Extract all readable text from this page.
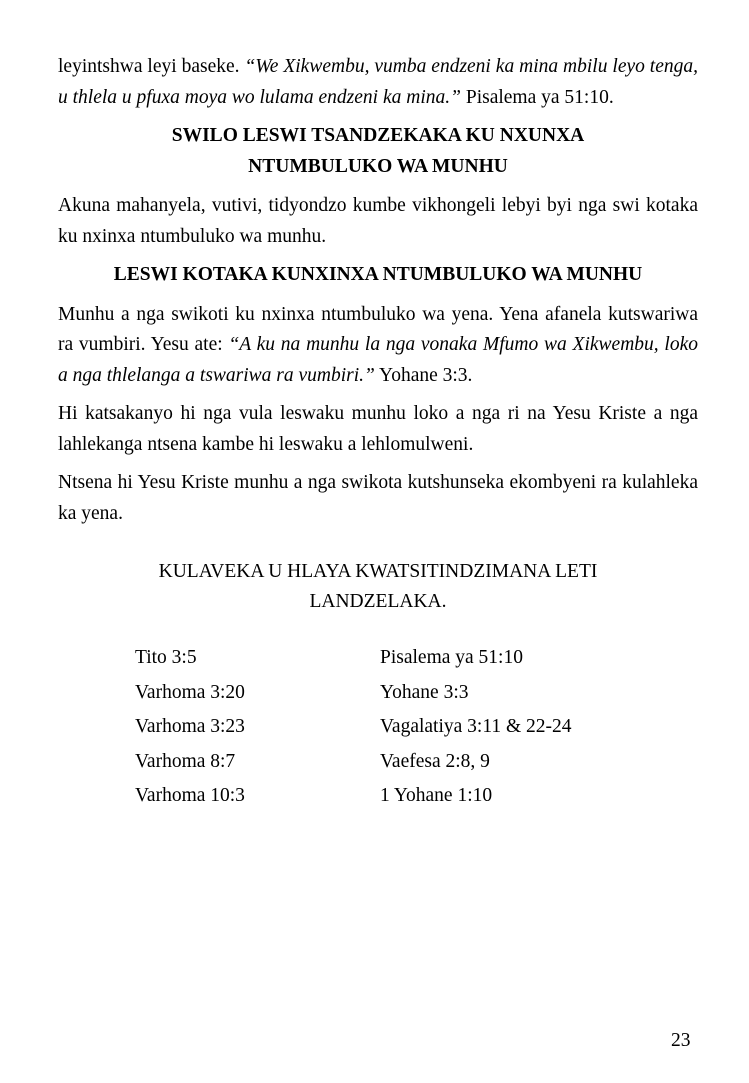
leyintshwa leyi baseke. “We Xikwembu, vumba endzeni ka mina mbilu leyo tenga, u thlela u pfuxa moya wo lulama endzeni ka mina.” Pisalema ya 51:10.

SWILO LESWI TSANDZEKAKA KU NXUNXA
NTUMBULUKO WA MUNHU

Akuna mahanyela, vutivi, tidyondzo kumbe vikhongeli lebyi byi nga swi kotaka ku nxinxa ntumbuluko wa munhu.

LESWI KOTAKA KUNXINXA NTUMBULUKO WA MUNHU

Munhu a nga swikoti ku nxinxa ntumbuluko wa yena. Yena afanela kutswariwa ra vumbiri. Yesu ate: “A ku na munhu la nga vonaka Mfumo wa Xikwembu, loko a nga thlelanga a tswariwa ra vumbiri.” Yohane 3:3.

Hi katsakanyo hi nga vula leswaku munhu loko a nga ri na Yesu Kriste a nga lahlekanga ntsena kambe hi leswaku a lehlomulweni.

Ntsena hi Yesu Kriste munhu a nga swikota kutshunseka ekombyeni ra kulahleka ka yena.

KULAVEKA U HLAYA KWATSITINDZIMANA LETI
LANDZELAKA.
Tito 3:5	Pisalema ya 51:10
Varhoma 3:20	Yohane 3:3
Varhoma 3:23	Vagalatiya 3:11 & 22-24
Varhoma 8:7	Vaefesa 2:8, 9
Varhoma 10:3	1 Yohane 1:10
23
